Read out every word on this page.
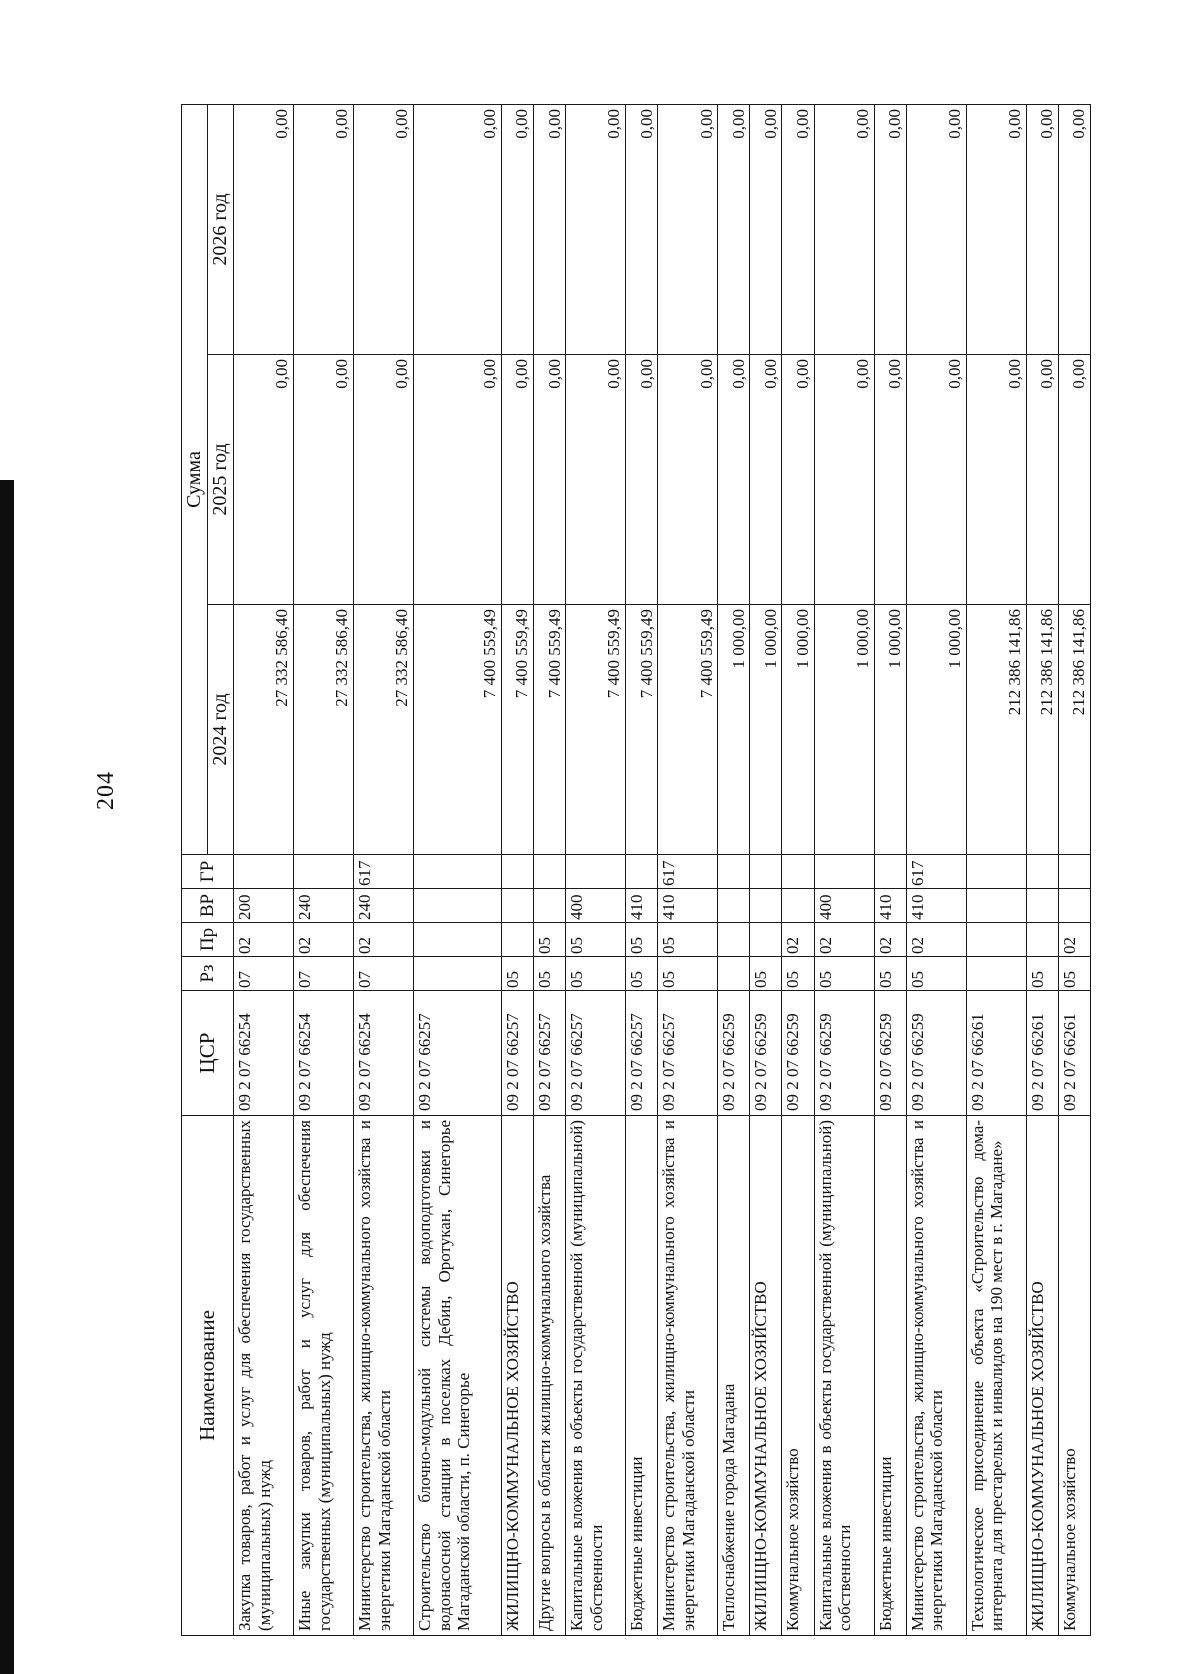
204
Наименование	ЦСР	Рз	Пр	ВР	ГР	Сумма		
						2024 год	2025 год	2026 год
Закупка товаров, работ и услуг для обеспечения государственных (муниципальных) нужд	09 2 07 66254	07	02	200		27 332 586,40	0,00	0,00
Иные закупки товаров, работ и услуг для обеспечения государственных (муниципальных) нужд	09 2 07 66254	07	02	240		27 332 586,40	0,00	0,00
Министерство строительства, жилищно-коммунального хозяйства и энергетики Магаданской области	09 2 07 66254	07	02	240	617	27 332 586,40	0,00	0,00
Строительство блочно-модульной системы водоподготовки и водонасосной станции в поселках Дебин, Оротукан, Синегорье Магаданской области, п. Синегорье	09 2 07 66257					7 400 559,49	0,00	0,00
ЖИЛИЩНО-КОММУНАЛЬНОЕ ХОЗЯЙСТВО	09 2 07 66257	05				7 400 559,49	0,00	0,00
Другие вопросы в области жилищно-коммунального хозяйства	09 2 07 66257	05	05			7 400 559,49	0,00	0,00
Капитальные вложения в объекты государственной (муниципальной) собственности	09 2 07 66257	05	05	400		7 400 559,49	0,00	0,00
Бюджетные инвестиции	09 2 07 66257	05	05	410		7 400 559,49	0,00	0,00
Министерство строительства, жилищно-коммунального хозяйства и энергетики Магаданской области	09 2 07 66257	05	05	410	617	7 400 559,49	0,00	0,00
Теплоснабжение города Магадана	09 2 07 66259					1 000,00	0,00	0,00
ЖИЛИЩНО-КОММУНАЛЬНОЕ ХОЗЯЙСТВО	09 2 07 66259	05				1 000,00	0,00	0,00
Коммунальное хозяйство	09 2 07 66259	05	02			1 000,00	0,00	0,00
Капитальные вложения в объекты государственной (муниципальной) собственности	09 2 07 66259	05	02	400		1 000,00	0,00	0,00
Бюджетные инвестиции	09 2 07 66259	05	02	410		1 000,00	0,00	0,00
Министерство строительства, жилищно-коммунального хозяйства и энергетики Магаданской области	09 2 07 66259	05	02	410	617	1 000,00	0,00	0,00
Технологическое присоединение объекта «Строительство дома-интерната для престарелых и инвалидов на 190 мест в г. Магадане»	09 2 07 66261					212 386 141,86	0,00	0,00
ЖИЛИЩНО-КОММУНАЛЬНОЕ ХОЗЯЙСТВО	09 2 07 66261	05				212 386 141,86	0,00	0,00
Коммунальное хозяйство	09 2 07 66261	05	02			212 386 141,86	0,00	0,00
